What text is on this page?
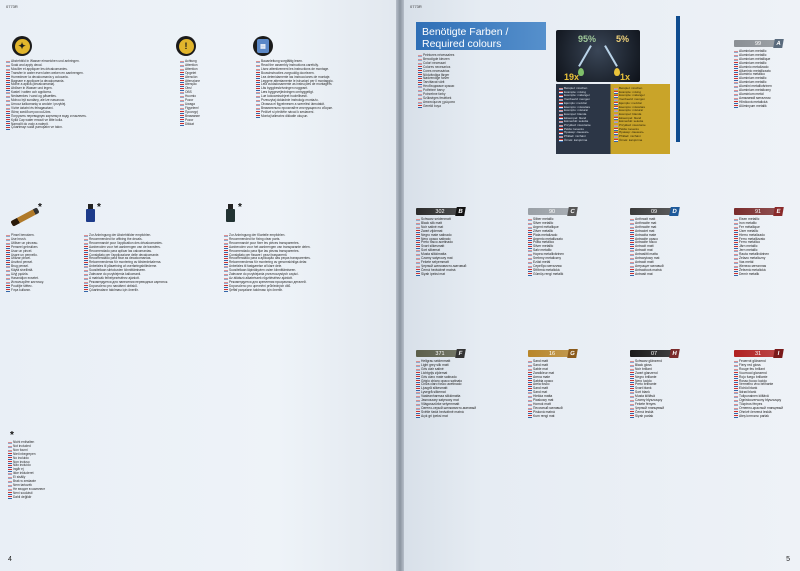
0773R
✦
Abziehbild in Wasser einweichen und anbringen.
Soak and apply decal.
Mouiller et appliquer les décalcomanies.
Transfer in water even laten weken en aanbrengen.
Humedecer la decalcomanía y colocarla.
Bagnare e applicare la decalcomania.
Molhe a aplica (decalcomania).
Ablöser in Wasser und legen.
Kastel i vatten och applicera.
Nedsænkes i vand og påsættes.
Mohou být sundány, ale lze nasunouc.
Umocz kalkomanię w wodzie i przyklej.
Vízbe áztatni és felragasztani.
Ιδάτις κατάδυση και κολλάτε.
Погрузить переводную картинку в воду и наклеить.
Kyllä Cap water emouti ve ilitte kolla.
Namočit do vody a nalepit.
Çıkartmayı suda yumuşatın ve takın.
!
Achtung
Attention
Attention
Opgelet
Atención
Attenzione
Atenção
Obs!
OBS
Huomio
Pozor
Uwaga
Figyelem!
Προσοχή
Внимание
Pozor
Dikkat
▤
Bauanleitung sorgfältig lesen.
Read the assembly instructions carefully.
Lisez attentivement les instructions de montage.
Bouwinstructies zorgvuldig doorlezen.
Lea detenidamente las instrucciones de montaje.
Leggere attentamente le istruzioni per il montaggio.
Leia cuidadosamente as instruções de montagem.
Läs byggbeskrivningen noggrant.
Læs byggevejledningen omhyggeligt.
Lue kokoamisohjeet huolellisesti.
Przeczytaj dokładnie instrukcję montażu.
Olvassa el figyelmesen a szerelési útmutatót.
Внимательно прочитайте инструкцию по сборке.
Pečlivě si přečtěte návod k sestavení.
Montaj talimatını dikkatle okuyun.
*
Pinsel benutzen.
Use brush.
Utiliser un pinceau.
Penseel gebruiken.
Usar un pincel.
Usare un pennello.
Utilizar pincel.
Använd pensel.
Brug pensel.
Käytä sivellintä.
Użyj pędzla.
Használjon ecsetet.
Используйте кисточку.
Použijte štětec.
Fırça kullanın.
*
Zur Anbringung der Abziehbilder empfohlen.
Recommended for affixing the decals.
Recommandé pour l'application des décalcomanies.
Aanbevolen voor het aanbrengen van de transfers.
Recomendado para aplicar las calcomanías.
Consigliato per l'applicazione delle decalcomanie.
Recomendado para fixar as decalcomanias.
Rekommenderas för montering av klisterdekalerna.
Anbefales til påsætning af overføringsbillederne.
Suositellaan siirtokuvien kiinnittämiseen.
Zalecane do przyklejenia kalkomanii.
A matricák felhelyezéséhez ajánlott.
Рекомендуется для нанесения переводных картинок.
Doporučeno pro nanášení obtisků.
Çıkartmaların takılması için önerilir.
*
Zur Anbringung der Klarteile empfohlen.
Recommended for fixing clear parts.
Recommandé pour fixer les pièces transparentes.
Aanbevolen voor het aanbrengen van transparante delen.
Recomendado para fijar las piezas transparentes.
Consigliato per fissare i pezzi trasparenti.
Recomendado para a aplicação das peças transparentes.
Rekommenderas för montering av genomskinliga delar.
Anbefales til fastgørelse af klare dele.
Suositellaan läpinäkyvien osien kiinnittämiseen.
Zalecane do przyklejania przezroczystych części.
Az átlátszó alkatrészek rögzítéséhez ajánlott.
Рекомендуется для крепления прозрачных деталей.
Doporučeno pro upevnění průhledných dílů.
Şeffaf parçaların takılması için önerilir.
*
Nicht enthalten
Not included
Non fourni
Niet inbegrepen
No incluido
Non incluso
Não incluído
Ingår ej
Ikke inkluderet
Ei sisälly
Brak w zestawie
Nem tartozék
Не входит в комплект
Není součástí
Dahil değildir
4
0773R
Benötigte Farben /
Required colours
Peintures nécessaires
Benodigde kleuren
Colori necessari
Colores necesarios
Cores necessárias
Nödvändiga färger
Nødvendige farver
Tarvittavat värit
Необходимые краски
Potřebné barvy
Potrzebne farby
Szükséges festékek
Απαιτούμενα χρώματα
Gerekli boya
95% 5%
19x	1x
Beispiel: mischen
Example: mixing
Exemple: mélanger
Voorbeeld: mengen
Ejemplo: mezclar
Esempio: miscelare
Exemplo: misturar
Exempel: blanda
Eksempel: bland
Esimerkki: sekoita
Przykład: mieszanie
Példa: keverés
Пример: смешать
Příklad: míchání
Örnek: karıştırma
Beispiel: mischen
Example: mixing
Exemple: mélanger
Voorbeeld: mengen
Ejemplo: mezclar
Esempio: miscelare
Exemplo: misturar
Exempel: blanda
Eksempel: bland
Esimerkki: sekoita
Przykład: mieszanie
Példa: keverés
Пример: смешать
Příklad: míchání
Örnek: karıştırma
99	A
Aluminium metallic
Aluminium metallic
Aluminium métallique
Aluminium metallic
Aluminio metalizado
Alluminio metallizzato
Alumínio metálico
Aluminium metallic
Aluminium metallic
Alumiini metallivärinen
Aluminium metaliczny
Alumínium metál
Алюминий металлик
Hliníková metalická
Alüminyum metalik
302	B
Schwarz seidenmatt
Black silk matt
Noir satiné mat
Zwart zijdemat
Negro mate satinado
Nero opaco satinato
Preto fosco acetinado
Svart silkesmatt
Sort silkemat
Musta silkkimatta
Czarny satynowy mat
Fekete selyemmatt
Черный шелковисто-матовый
Černá hedvábně matná
Siyah ipeksi mat
90	C
Silber metallic
Silver metallic
Argent métallique
Zilver metallic
Plata metalizado
Argento metallizzato
Prata metálico
Silver metallic
Sølv metallic
Hopea metallivärinen
Srebrny metaliczny
Ezüst metál
Серебро металлик
Stříbrná metalická
Gümüş rengi metalik
09	D
Anthrazit matt
Anthracite mat
Anthracite mat
Antraciet mat
Antracita mate
Antracite opaco
Antracite fosco
Antracit matt
Antracit mat
Antrasiitti matta
Antracytowy mat
Antracit matt
Антрацит матовый
Antracitová matná
Antrasit mat
91	E
Eisen metallic
Iron metallic
Fer métallique
IJzer metallic
Hierro metalizado
Ferro metallizzato
Ferro metálico
Järn metallic
Jern metallic
Rauta metallivärinen
Żelazo metaliczny
Vas metál
Железо металлик
Železná metalická
Demir metalik
371	F
Hellgrau seidenmatt
Light grey silk matt
Gris clair satiné
Lichtgrijs zijdemat
Gris claro mate satinado
Grigio chiaro opaco satinato
Cinza claro fosco acetinado
Ljusgrå silkesmatt
Lysegrå silkemat
Vaaleanharmaa silkkimatta
Jasnoszary satynowy mat
Világosszürke selyemmatt
Светло-серый шелковисто-матовый
Světle šedá hedvábně matná
Açık gri ipeksi mat
16	G
Sand matt
Sand matt
Sable mat
Zandkleur mat
Arena mate
Sabbia opaco
Areia fosco
Sand matt
Sand mat
Hiekka matta
Piaskowy mat
Homok matt
Песочный матовый
Písková matná
Kum rengi mat
07	H
Schwarz glänzend
Black gloss
Noir brillant
Zwart glanzend
Negro brillante
Nero lucido
Preto brilhante
Svart blank
Sort blank
Musta kiiltävä
Czarny błyszczący
Fekete fényes
Черный глянцевый
Černá lesklá
Siyah parlak
31	I
Feuerrot glänzend
Fiery red gloss
Rouge feu brillant
Vuurrood glanzend
Rojo fuego brillante
Rosso fuoco lucido
Vermelho vivo brilhante
Eldröd blank
Ildrød blank
Tulipunainen kiiltävä
Ognistoczerwony błyszczący
Tűzpiros fényes
Огненно-красный глянцевый
Ohnivě červená lesklá
Ateş kırmızısı parlak
5
